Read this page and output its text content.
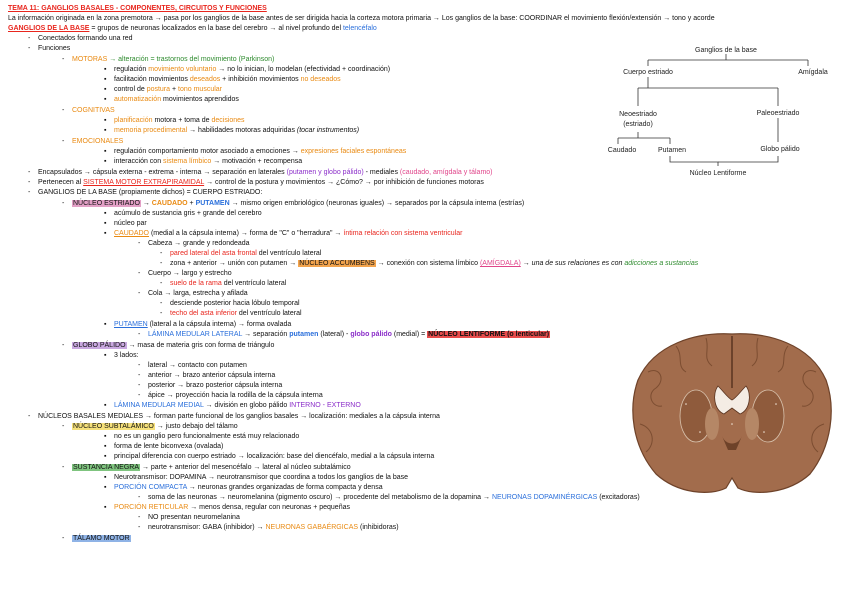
TEMA 11: GANGLIOS BASALES - COMPONENTES, CIRCUITOS Y FUNCIONES
La información originada en la zona premotora → pasa por los ganglios de la base antes de ser dirigida hacia la corteza motora primaria → Los ganglios de la base: COORDINAR el movimiento flexión/extensión → tono y acorde
GANGLIOS DE LA BASE = grupos de neuronas localizados en la base del cerebro → al nivel profundo del telencéfalo
- Conectados formando una red
- Funciones
- MOTORAS → alteración = trastornos del movimiento (Parkinson)
▪ regulación movimiento voluntario → no lo inician, lo modelan (efectividad + coordinación)
▪ facilitación movimientos deseados + inhibición movimientos no deseados
▪ control de postura + tono muscular
▪ automatización movimientos aprendidos
- COGNITIVAS
▪ planificación motora + toma de decisiones
▪ memoria procedimental → habilidades motoras adquiridas (tocar instrumentos)
- EMOCIONALES
▪ regulación comportamiento motor asociado a emociones → expresiones faciales espontáneas
▪ interacción con sistema límbico → motivación + recompensa
- Encapsulados → cápsula externa - extrema - interna → separación en laterales (putamen y globo pálido) - mediales (caudado, amígdala y tálamo)
- Pertenecen al SISTEMA MOTOR EXTRAPIRAMIDAL → control de la postura y movimientos → ¿Cómo? → por inhibición de funciones motoras
- GANGLIOS DE LA BASE (propiamente dichos) = CUERPO ESTRIADO:
- NÚCLEO ESTRIADO → CAUDADO + PUTAMEN → mismo origen embriológico (neuronas iguales) → separados por la cápsula interna (estrías)
▪ acúmulo de sustancia gris + grande del cerebro
▪ núcleo par
▪ CAUDADO (medial a la cápsula interna) → forma de "C" o "herradura" → íntima relación con sistema ventricular
- Cabeza → grande y redondeada
- pared lateral del asta frontal del ventrículo lateral
- zona + anterior → unión con putamen → NÚCLEO ACCUMBENS → conexión con sistema límbico (AMÍGDALA) → una de sus relaciones es con adicciones a sustancias
- Cuerpo → largo y estrecho
- suelo de la rama del ventrículo lateral
- Cola → larga, estrecha y afilada
- desciende posterior hacia lóbulo temporal
- techo del asta inferior del ventrículo lateral
▪ PUTAMEN (lateral a la cápsula interna) → forma ovalada
- LÁMINA MEDULAR LATERAL → separación putamen (lateral) - globo pálido (medial) = NÚCLEO LENTIFORME (o lenticular)
- GLOBO PÁLIDO → masa de materia gris con forma de triángulo
▪ 3 lados:
- lateral → contacto con putamen
- anterior → brazo anterior cápsula interna
- posterior → brazo posterior cápsula interna
- ápice → proyección hacia la rodilla de la cápsula interna
▪ LÁMINA MEDULAR MEDIAL → división en globo pálido INTERNO - EXTERNO
- NÚCLEOS BASALES MEDIALES → forman parte funcional de los ganglios basales → localización: mediales a la cápsula interna
- NÚCLEO SUBTALÁMICO → justo debajo del tálamo
▪ no es un ganglio pero funcionalmente está muy relacionado
▪ forma de lente biconvexa (ovalada)
▪ principal diferencia con cuerpo estriado → localización: base del diencéfalo, medial a la cápsula interna
- SUSTANCIA NEGRA → parte + anterior del mesencéfalo → lateral al núcleo subtalámico
▪ Neurotransmisor: DOPAMINA → neurotransmisor que coordina a todos los ganglios de la base
▪ PORCIÓN COMPACTA → neuronas grandes organizadas de forma compacta y densa
- soma de las neuronas → neuromelanina (pigmento oscuro) → procedente del metabolismo de la dopamina → NEURONAS DOPAMINÉRGICAS (excitadoras)
▪ PORCIÓN RETICULAR → menos densa, regular con neuronas + pequeñas
- NO presentan neuromelanina
- neurotransmisor: GABA (inhibidor) → NEURONAS GABAÉRGICAS (inhibidoras)
- TÁLAMO MOTOR
Ganglios de la base
Cuerpo estriado	Amígdala
Neoestriado
(estriado)
Paleoestriado
Caudado	Putamen	Globo pálido
Núcleo Lentiforme
